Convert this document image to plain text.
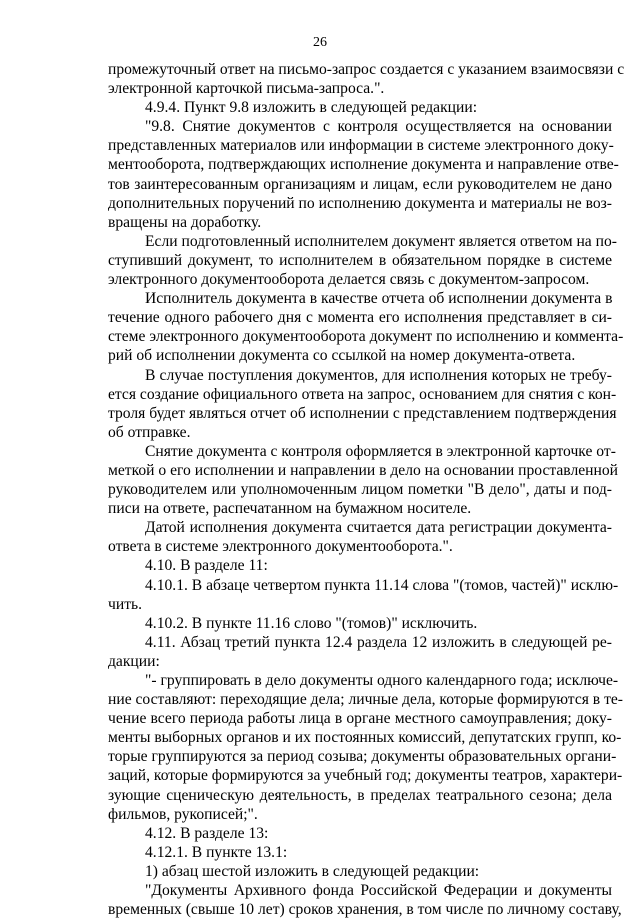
26
промежуточный ответ на письмо-запрос создается с указанием взаимосвязи с
электронной карточкой письма-запроса.".
4.9.4. Пункт 9.8 изложить в следующей редакции:
"9.8. Снятие документов с контроля осуществляется на основании
представленных материалов или информации в системе электронного доку-
ментооборота, подтверждающих исполнение документа и направление отве-
тов заинтересованным организациям и лицам, если руководителем не дано
дополнительных поручений по исполнению документа и материалы не воз-
вращены на доработку.
Если подготовленный исполнителем документ является ответом на по-
ступивший документ, то исполнителем в обязательном порядке в системе
электронного документооборота делается связь с документом-запросом.
Исполнитель документа в качестве отчета об исполнении документа в
течение одного рабочего дня с момента его исполнения представляет в си-
стеме электронного документооборота документ по исполнению и коммента-
рий об исполнении документа со ссылкой на номер документа-ответа.
В случае поступления документов, для исполнения которых не требу-
ется создание официального ответа на запрос, основанием для снятия с кон-
троля будет являться отчет об исполнении с представлением подтверждения
об отправке.
Снятие документа с контроля оформляется в электронной карточке от-
меткой о его исполнении и направлении в дело на основании проставленной
руководителем или уполномоченным лицом пометки "В дело", даты и под-
писи на ответе, распечатанном на бумажном носителе.
Датой исполнения документа считается дата регистрации документа-
ответа в системе электронного документооборота.".
4.10. В разделе 11:
4.10.1. В абзаце четвертом пункта 11.14 слова "(томов, частей)" исклю-
чить.
4.10.2. В пункте 11.16 слово "(томов)" исключить.
4.11. Абзац третий пункта 12.4 раздела 12 изложить в следующей ре-
дакции:
"- группировать в дело документы одного календарного года; исключе-
ние составляют: переходящие дела; личные дела, которые формируются в те-
чение всего периода работы лица в органе местного самоуправления; доку-
менты выборных органов и их постоянных комиссий, депутатских групп, ко-
торые группируются за период созыва; документы образовательных органи-
заций, которые формируются за учебный год; документы театров, характери-
зующие сценическую деятельность, в пределах театрального сезона; дела
фильмов, рукописей;".
4.12. В разделе 13:
4.12.1. В пункте 13.1:
1) абзац шестой изложить в следующей редакции:
"Документы Архивного фонда Российской Федерации и документы
временных (свыше 10 лет) сроков хранения, в том числе по личному составу,
